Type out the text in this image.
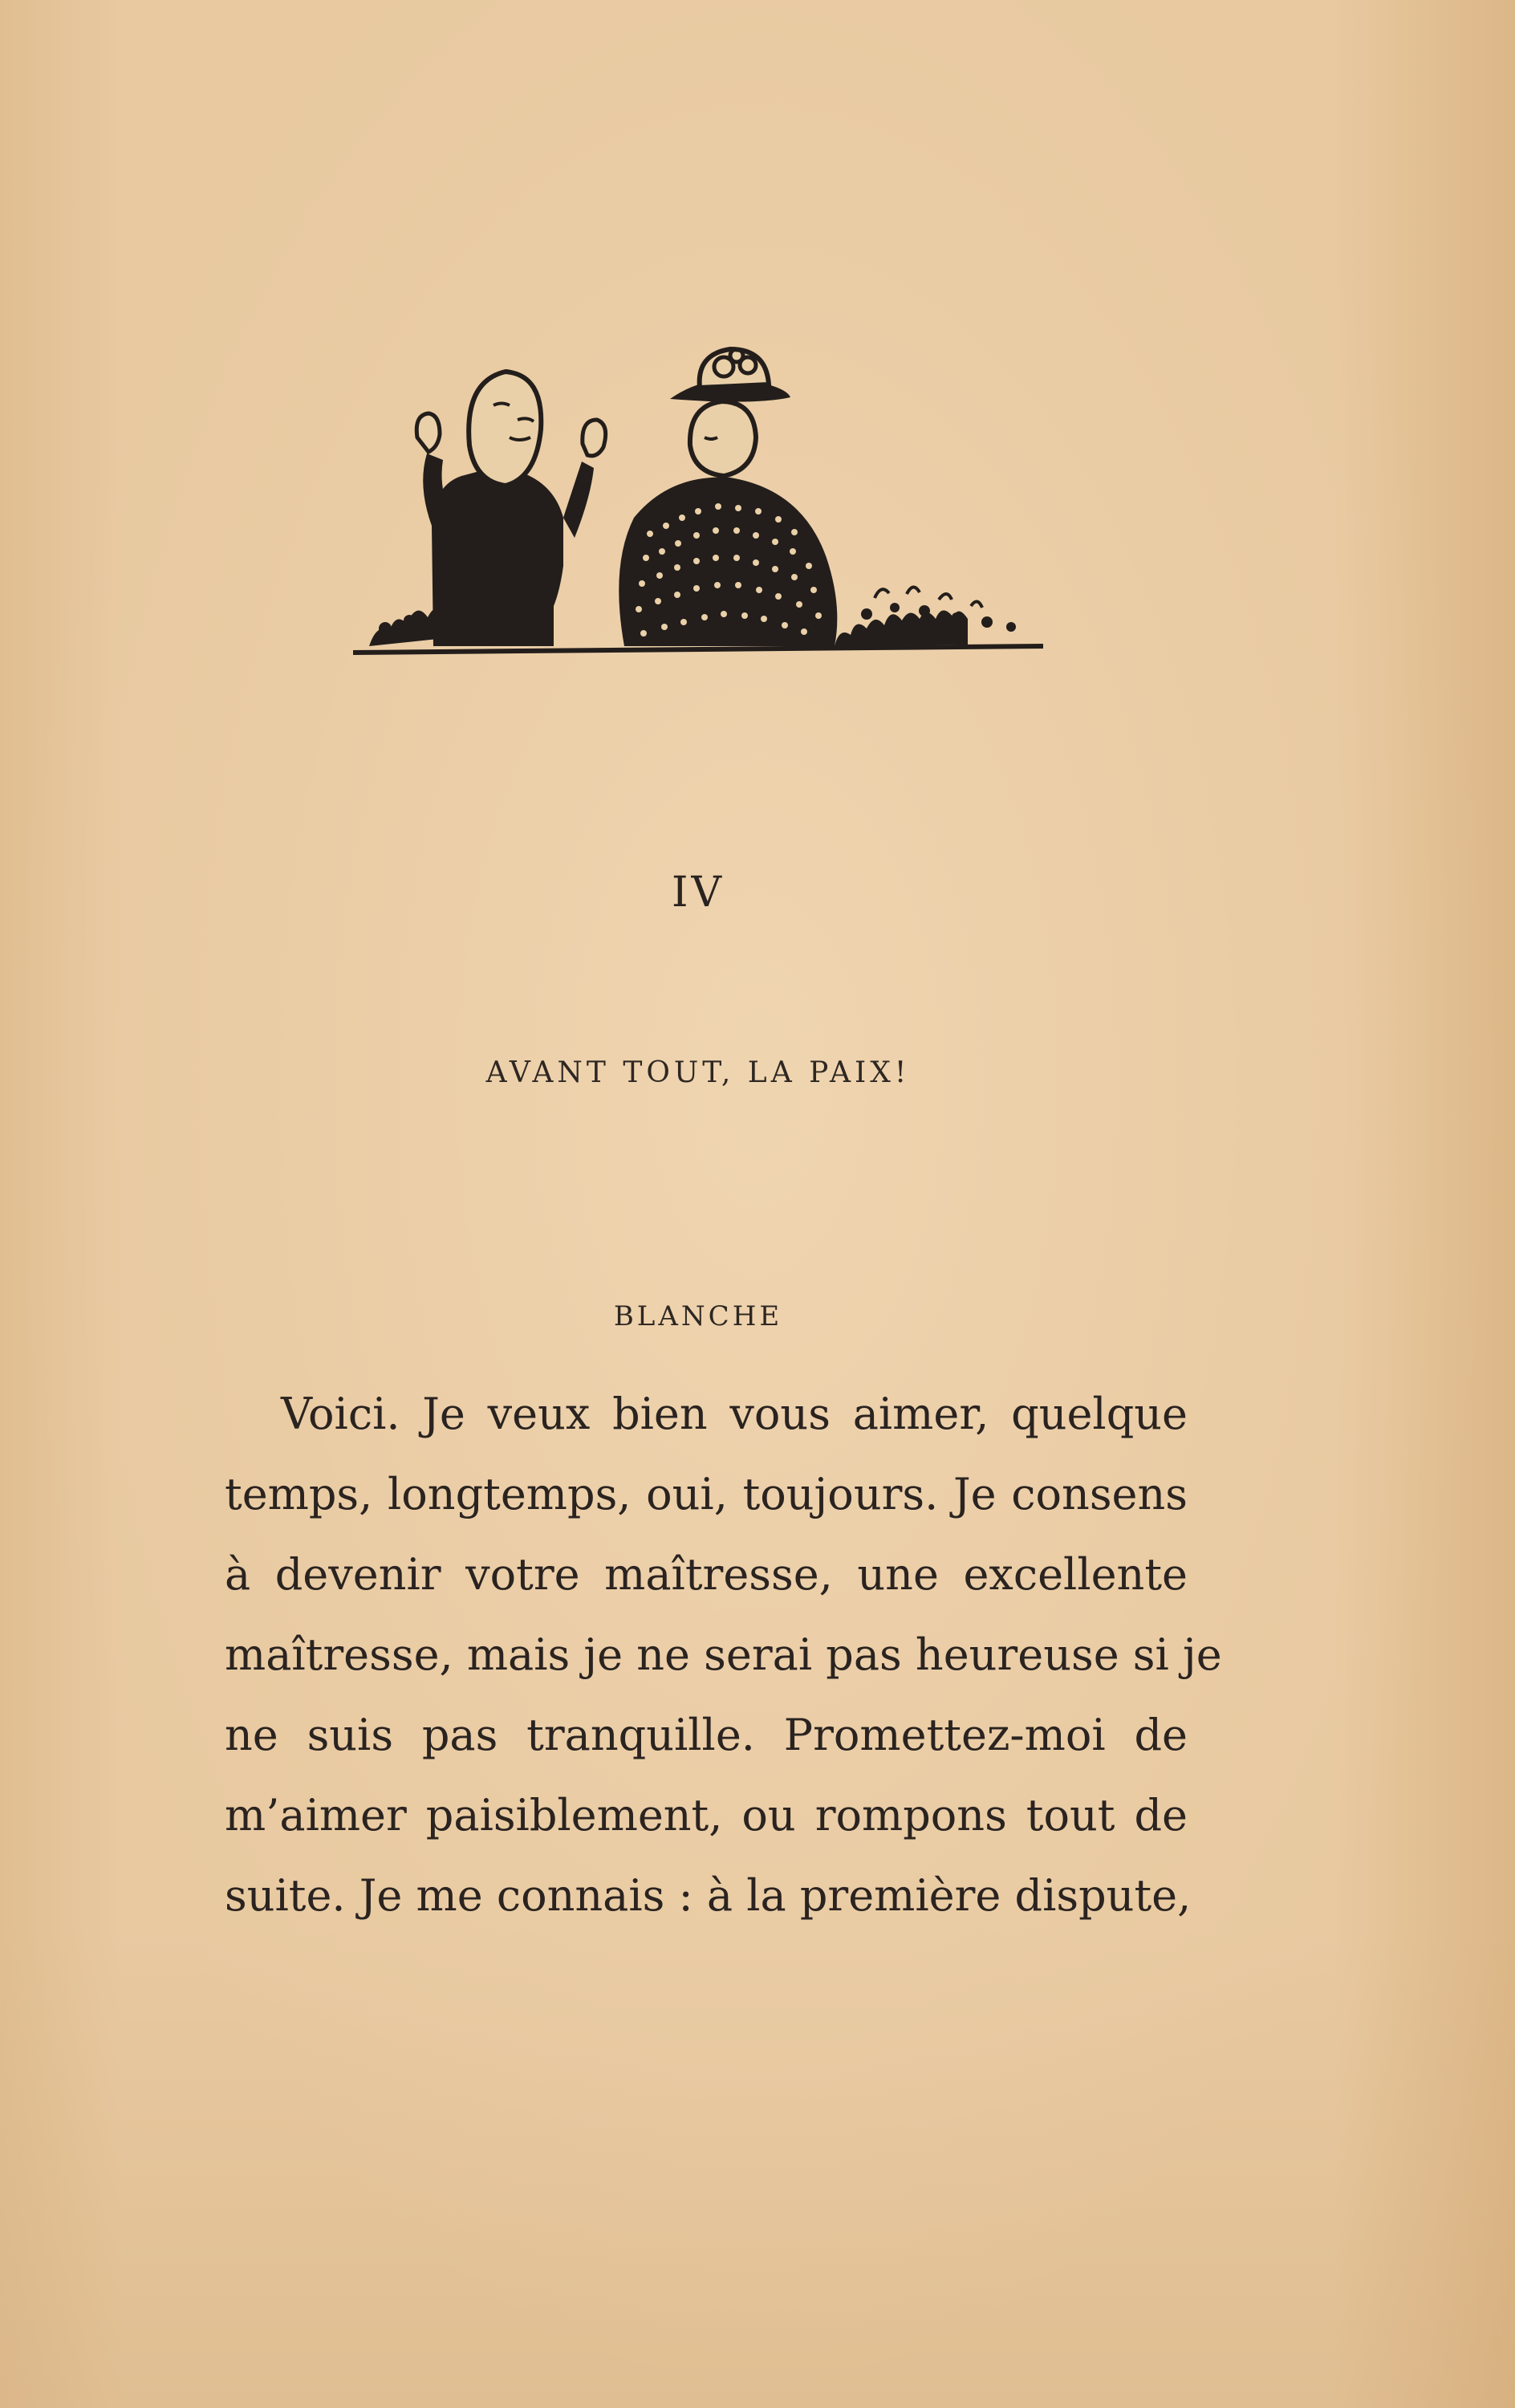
IV
AVANT TOUT, LA PAIX!
BLANCHE
Voici. Je veux bien vous aimer, quelque
temps, longtemps, oui, toujours. Je consens
à devenir votre maîtresse, une excellente
maîtresse, mais je ne serai pas heureuse si je
ne suis pas tranquille. Promettez-moi de
m’aimer paisiblement, ou rompons tout de
suite. Je me connais : à la première dispute,
